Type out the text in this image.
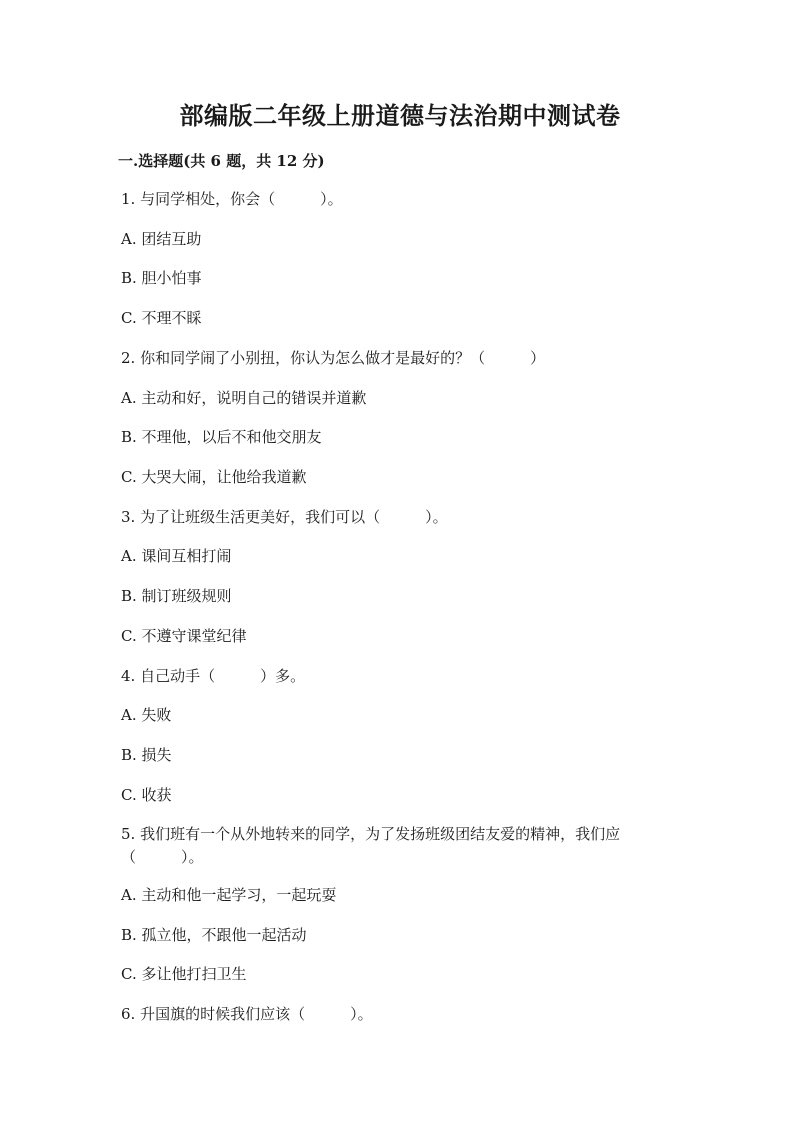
部编版二年级上册道德与法治期中测试卷
一.选择题(共 6 题，共 12 分)
1. 与同学相处，你会（　　　）。
A. 团结互助
B. 胆小怕事
C. 不理不睬
2. 你和同学闹了小别扭，你认为怎么做才是最好的？（　　　）
A. 主动和好，说明自己的错误并道歉
B. 不理他，以后不和他交朋友
C. 大哭大闹，让他给我道歉
3. 为了让班级生活更美好，我们可以（　　　）。
A. 课间互相打闹
B. 制订班级规则
C. 不遵守课堂纪律
4. 自己动手（　　　）多。
A. 失败
B. 损失
C. 收获
5. 我们班有一个从外地转来的同学，为了发扬班级团结友爱的精神，我们应
（　　　）。
A. 主动和他一起学习，一起玩耍
B. 孤立他，不跟他一起活动
C. 多让他打扫卫生
6. 升国旗的时候我们应该（　　　）。
